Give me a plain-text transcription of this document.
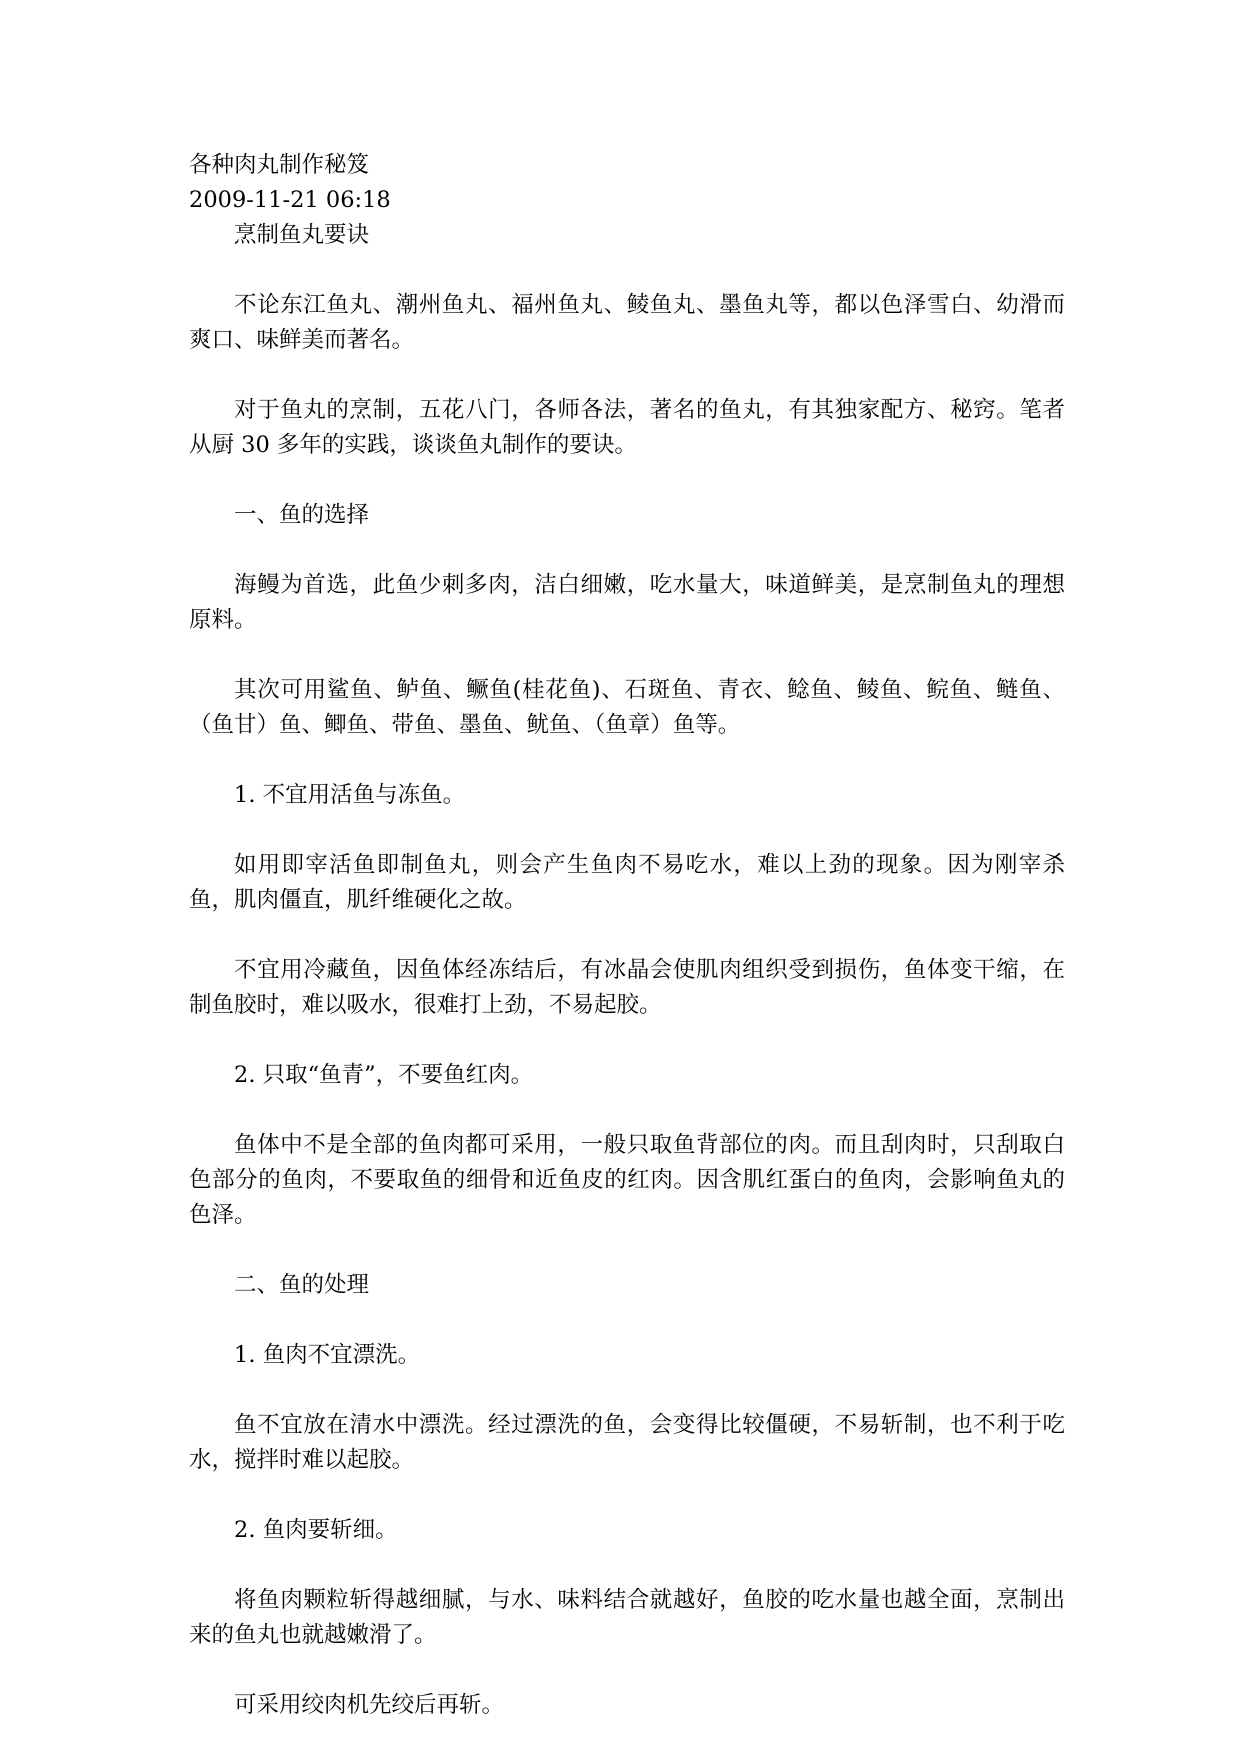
各种肉丸制作秘笈

2009-11-21 06:18

烹制鱼丸要诀

不论东江鱼丸、潮州鱼丸、福州鱼丸、鲮鱼丸、墨鱼丸等，都以色泽雪白、幼滑而爽口、味鲜美而著名。

对于鱼丸的烹制，五花八门，各师各法，著名的鱼丸，有其独家配方、秘窍。笔者从厨 30 多年的实践，谈谈鱼丸制作的要诀。

一、鱼的选择

海鳗为首选，此鱼少刺多肉，洁白细嫩，吃水量大，味道鲜美，是烹制鱼丸的理想原料。

其次可用鲨鱼、鲈鱼、鳜鱼(桂花鱼)、石斑鱼、青衣、鲶鱼、鲮鱼、鲩鱼、鲢鱼、（鱼甘）鱼、鲫鱼、带鱼、墨鱼、鱿鱼、（鱼章）鱼等。

1. 不宜用活鱼与冻鱼。

如用即宰活鱼即制鱼丸，则会产生鱼肉不易吃水，难以上劲的现象。因为刚宰杀鱼，肌肉僵直，肌纤维硬化之故。

不宜用冷藏鱼，因鱼体经冻结后，有冰晶会使肌肉组织受到损伤，鱼体变干缩，在制鱼胶时，难以吸水，很难打上劲，不易起胶。

2. 只取“鱼青”，不要鱼红肉。

鱼体中不是全部的鱼肉都可采用，一般只取鱼背部位的肉。而且刮肉时，只刮取白色部分的鱼肉，不要取鱼的细骨和近鱼皮的红肉。因含肌红蛋白的鱼肉，会影响鱼丸的色泽。

二、鱼的处理

1. 鱼肉不宜漂洗。

鱼不宜放在清水中漂洗。经过漂洗的鱼，会变得比较僵硬，不易斩制，也不利于吃水，搅拌时难以起胶。

2. 鱼肉要斩细。

将鱼肉颗粒斩得越细腻，与水、味料结合就越好，鱼胶的吃水量也越全面，烹制出来的鱼丸也就越嫩滑了。

可采用绞肉机先绞后再斩。
